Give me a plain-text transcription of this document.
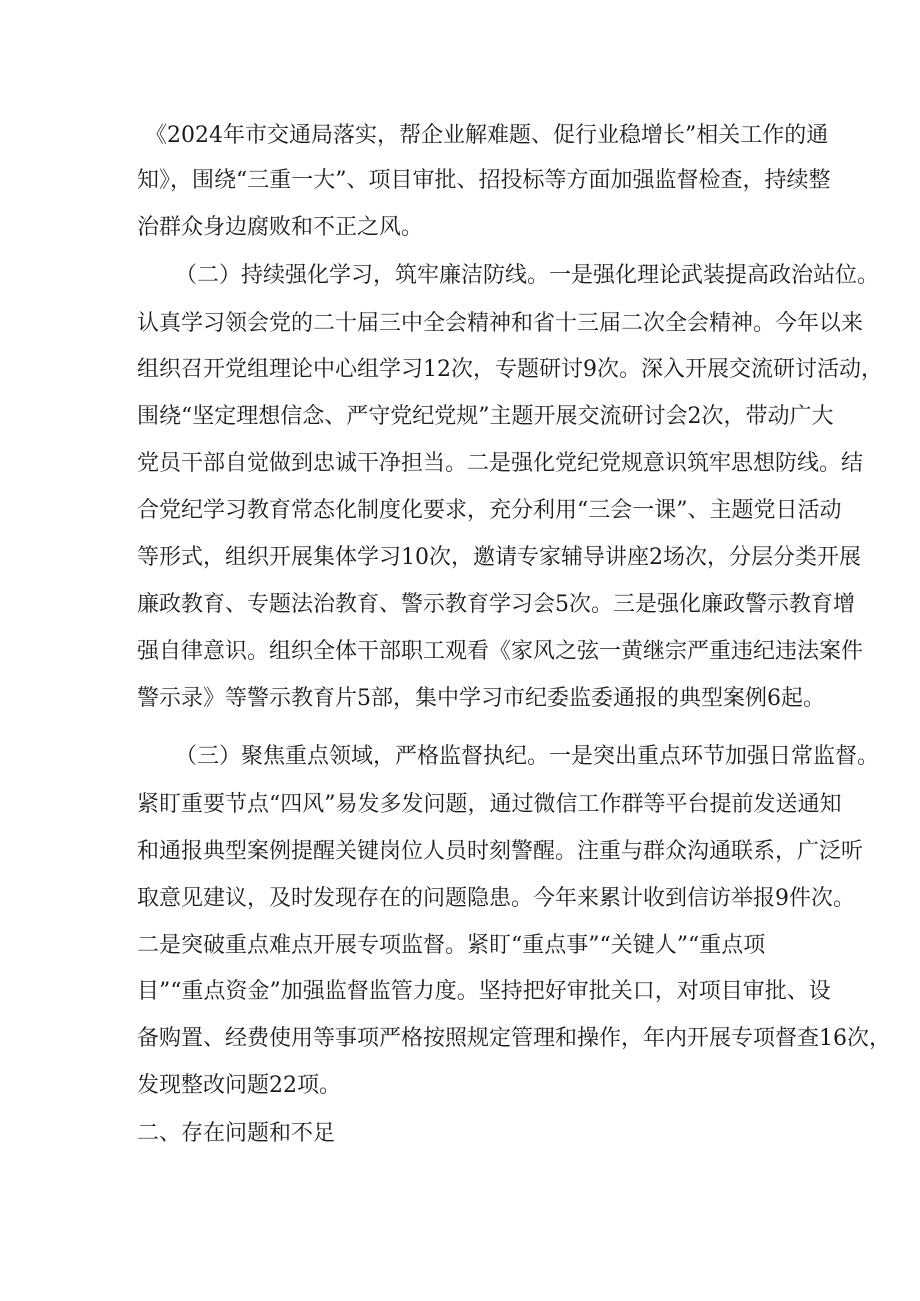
《2024年市交通局落实，帮企业解难题、促行业稳增长”相关工作的通
知》，围绕“三重一大”、项目审批、招投标等方面加强监督检查，持续整
治群众身边腐败和不正之风。
（二）持续强化学习，筑牢廉洁防线。一是强化理论武装提高政治站位。
认真学习领会党的二十届三中全会精神和省十三届二次全会精神。今年以来
组织召开党组理论中心组学习12次，专题研讨9次。深入开展交流研讨活动，
围绕“坚定理想信念、严守党纪党规”主题开展交流研讨会2次，带动广大
党员干部自觉做到忠诚干净担当。二是强化党纪党规意识筑牢思想防线。结
合党纪学习教育常态化制度化要求，充分利用“三会一课”、主题党日活动
等形式，组织开展集体学习10次，邀请专家辅导讲座2场次，分层分类开展
廉政教育、专题法治教育、警示教育学习会5次。三是强化廉政警示教育增
强自律意识。组织全体干部职工观看《家风之弦一黄继宗严重违纪违法案件
警示录》等警示教育片5部，集中学习市纪委监委通报的典型案例6起。
（三）聚焦重点领域，严格监督执纪。一是突出重点环节加强日常监督。
紧盯重要节点“四风”易发多发问题，通过微信工作群等平台提前发送通知
和通报典型案例提醒关键岗位人员时刻警醒。注重与群众沟通联系，广泛听
取意见建议，及时发现存在的问题隐患。今年来累计收到信访举报9件次。
二是突破重点难点开展专项监督。紧盯“重点事”“关键人”“重点项
目”“重点资金”加强监督监管力度。坚持把好审批关口，对项目审批、设
备购置、经费使用等事项严格按照规定管理和操作，年内开展专项督查16次，
发现整改问题22项。
二、存在问题和不足
